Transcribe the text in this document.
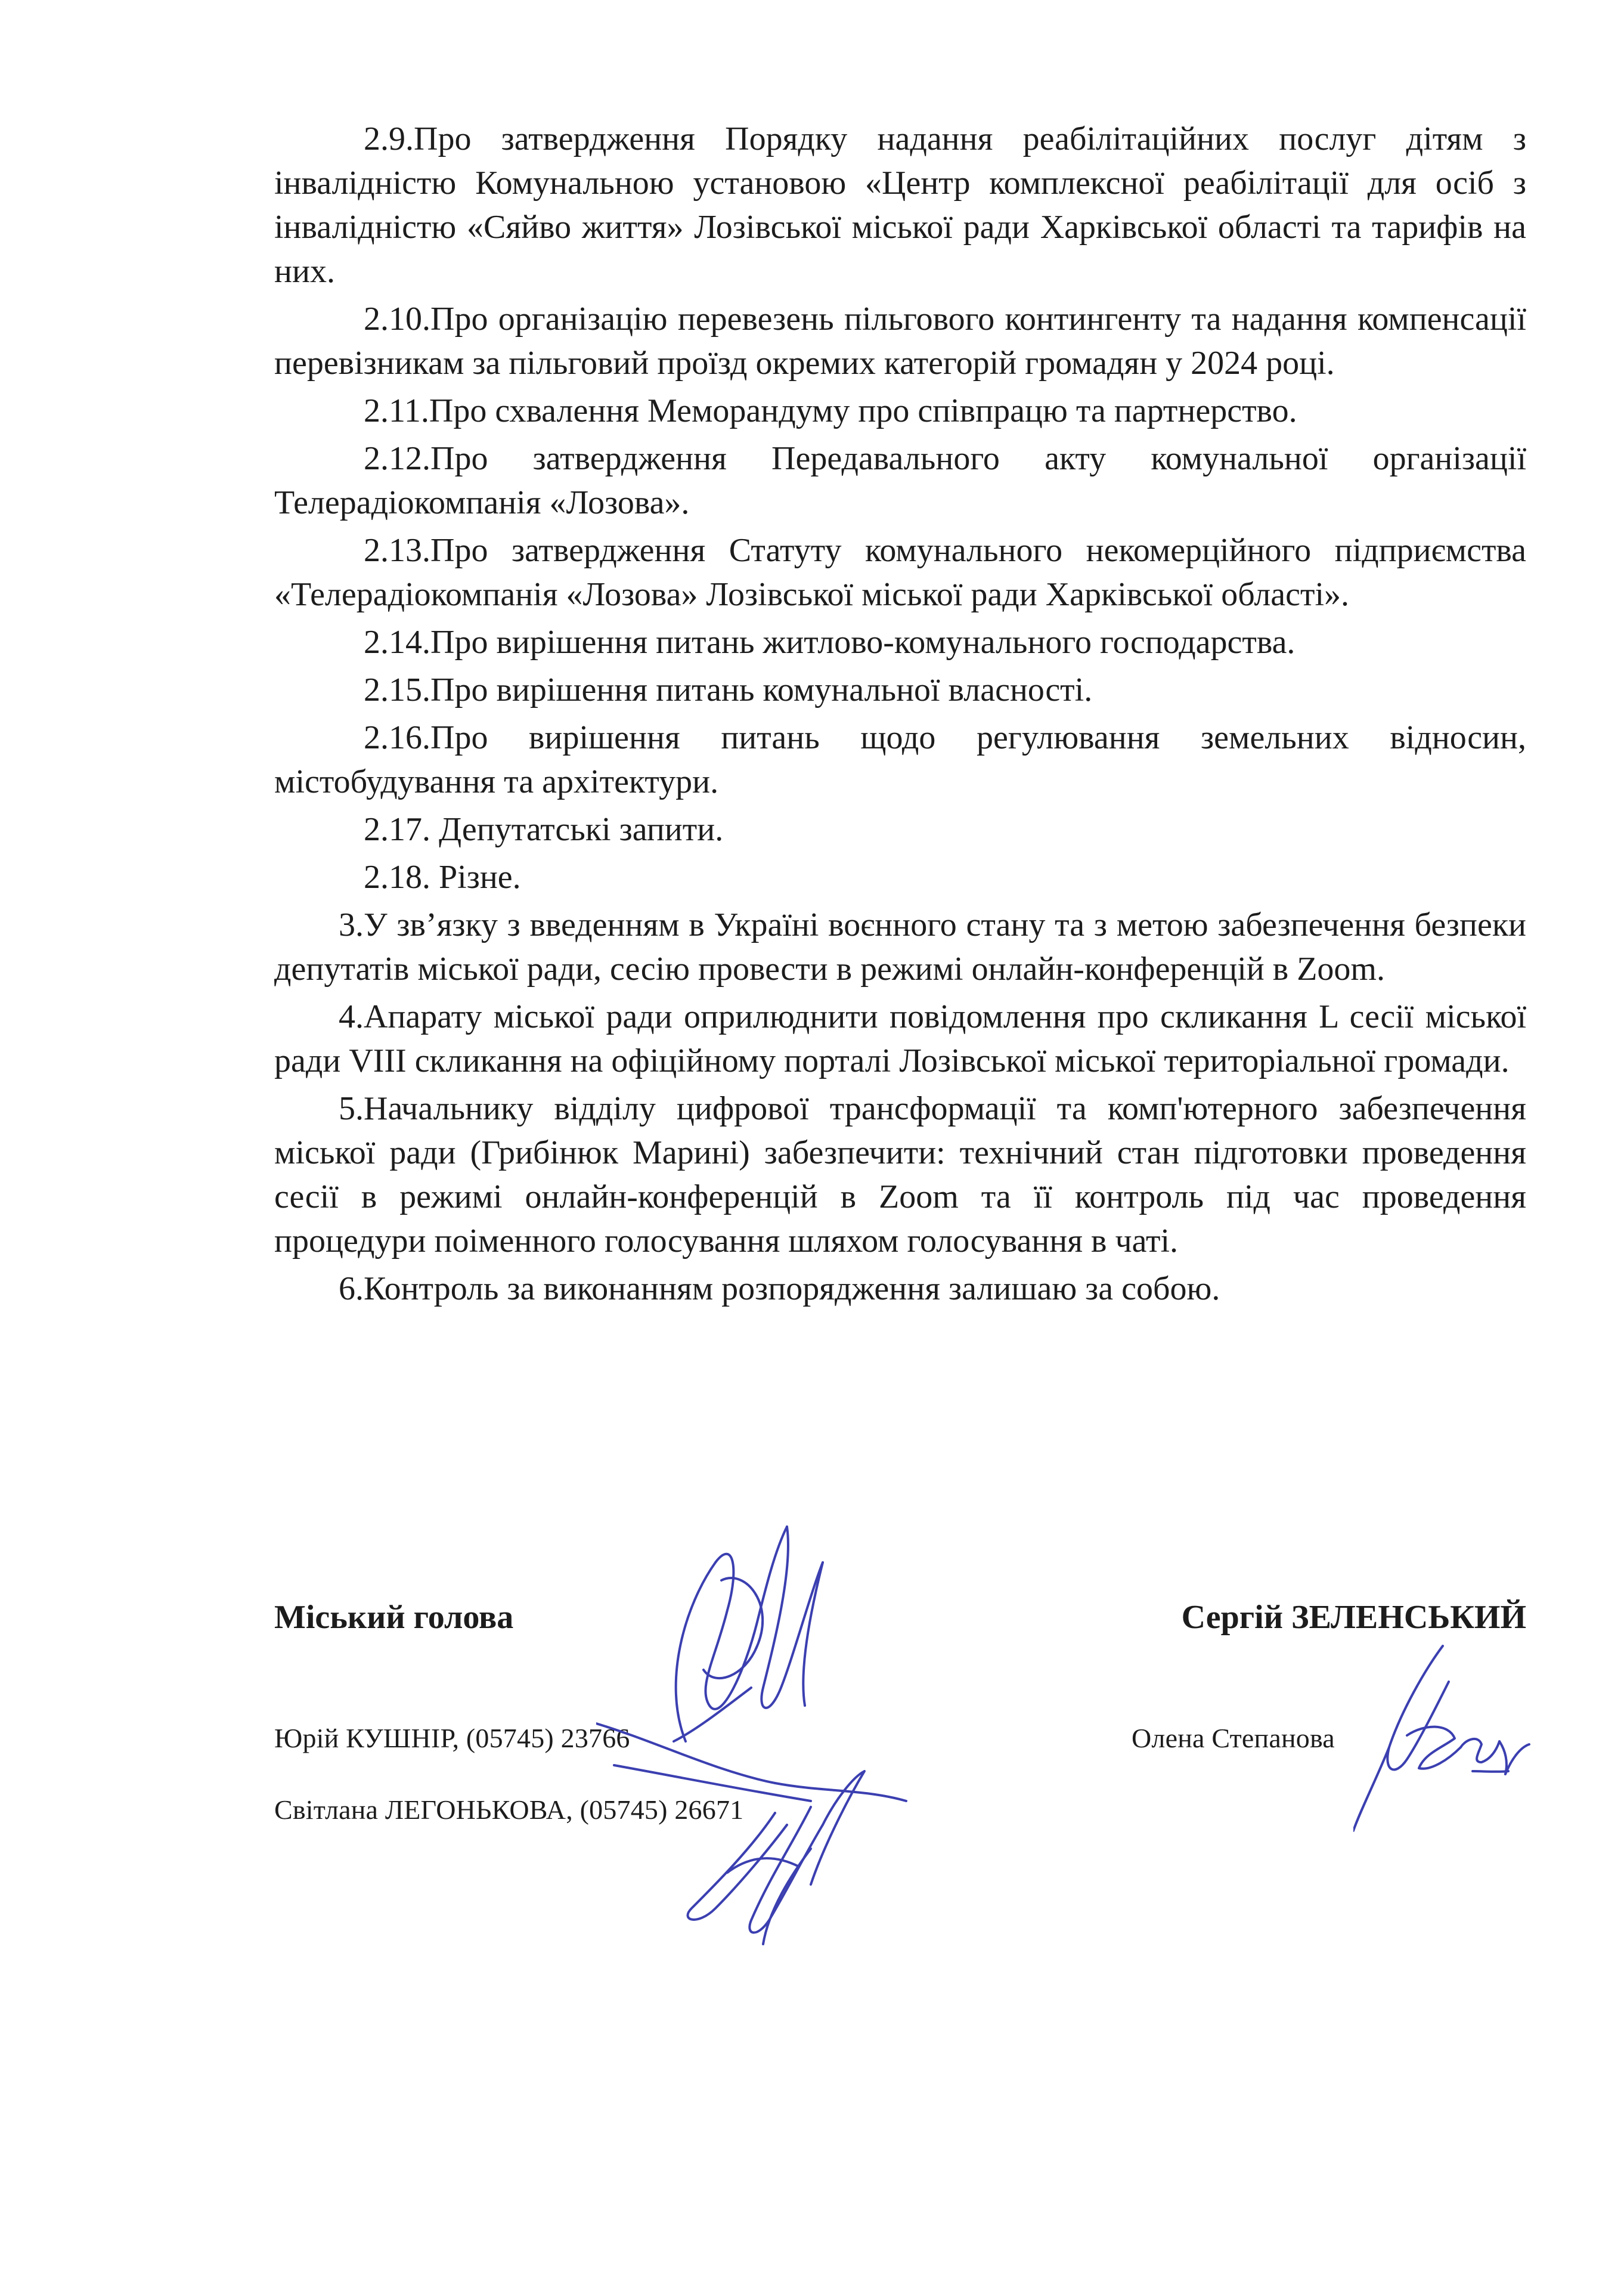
2.9.Про затвердження Порядку надання реабілітаційних послуг дітям з інвалідністю Комунальною установою «Центр комплексної реабілітації для осіб з інвалідністю «Сяйво життя» Лозівської міської ради Харківської області та тарифів на них.

2.10.Про організацію перевезень пільгового контингенту та надання компенсації перевізникам за пільговий проїзд окремих категорій громадян у 2024 році.

2.11.Про схвалення Меморандуму про співпрацю та партнерство.

2.12.Про затвердження Передавального акту комунальної організації Телерадіокомпанія «Лозова».

2.13.Про затвердження Статуту комунального некомерційного підприємства «Телерадіокомпанія «Лозова» Лозівської міської ради Харківської області».

2.14.Про вирішення питань житлово-комунального господарства.

2.15.Про вирішення питань комунальної власності.

2.16.Про вирішення питань щодо регулювання земельних відносин, містобудування та архітектури.

2.17. Депутатські запити.

2.18. Різне.

3.У зв’язку з введенням в Україні воєнного стану та з метою забезпечення безпеки депутатів міської ради, сесію провести в режимі онлайн-конференцій в Zoom.

4.Апарату міської ради оприлюднити повідомлення про скликання L сесії міської ради VIII скликання на офіційному порталі Лозівської міської територіальної громади.

5.Начальнику відділу цифрової трансформації та комп'ютерного забезпечення міської ради (Грибінюк Марині) забезпечити: технічний стан підготовки проведення сесії в режимі онлайн-конференцій в Zoom та її контроль під час проведення процедури поіменного голосування шляхом голосування в чаті.

6.Контроль за виконанням розпорядження залишаю за собою.

Міський голова	Сергій ЗЕЛЕНСЬКИЙ
Юрій КУШНІР, (05745) 23766
Світлана ЛЕГОНЬКОВА, (05745) 26671
Олена Степанова
